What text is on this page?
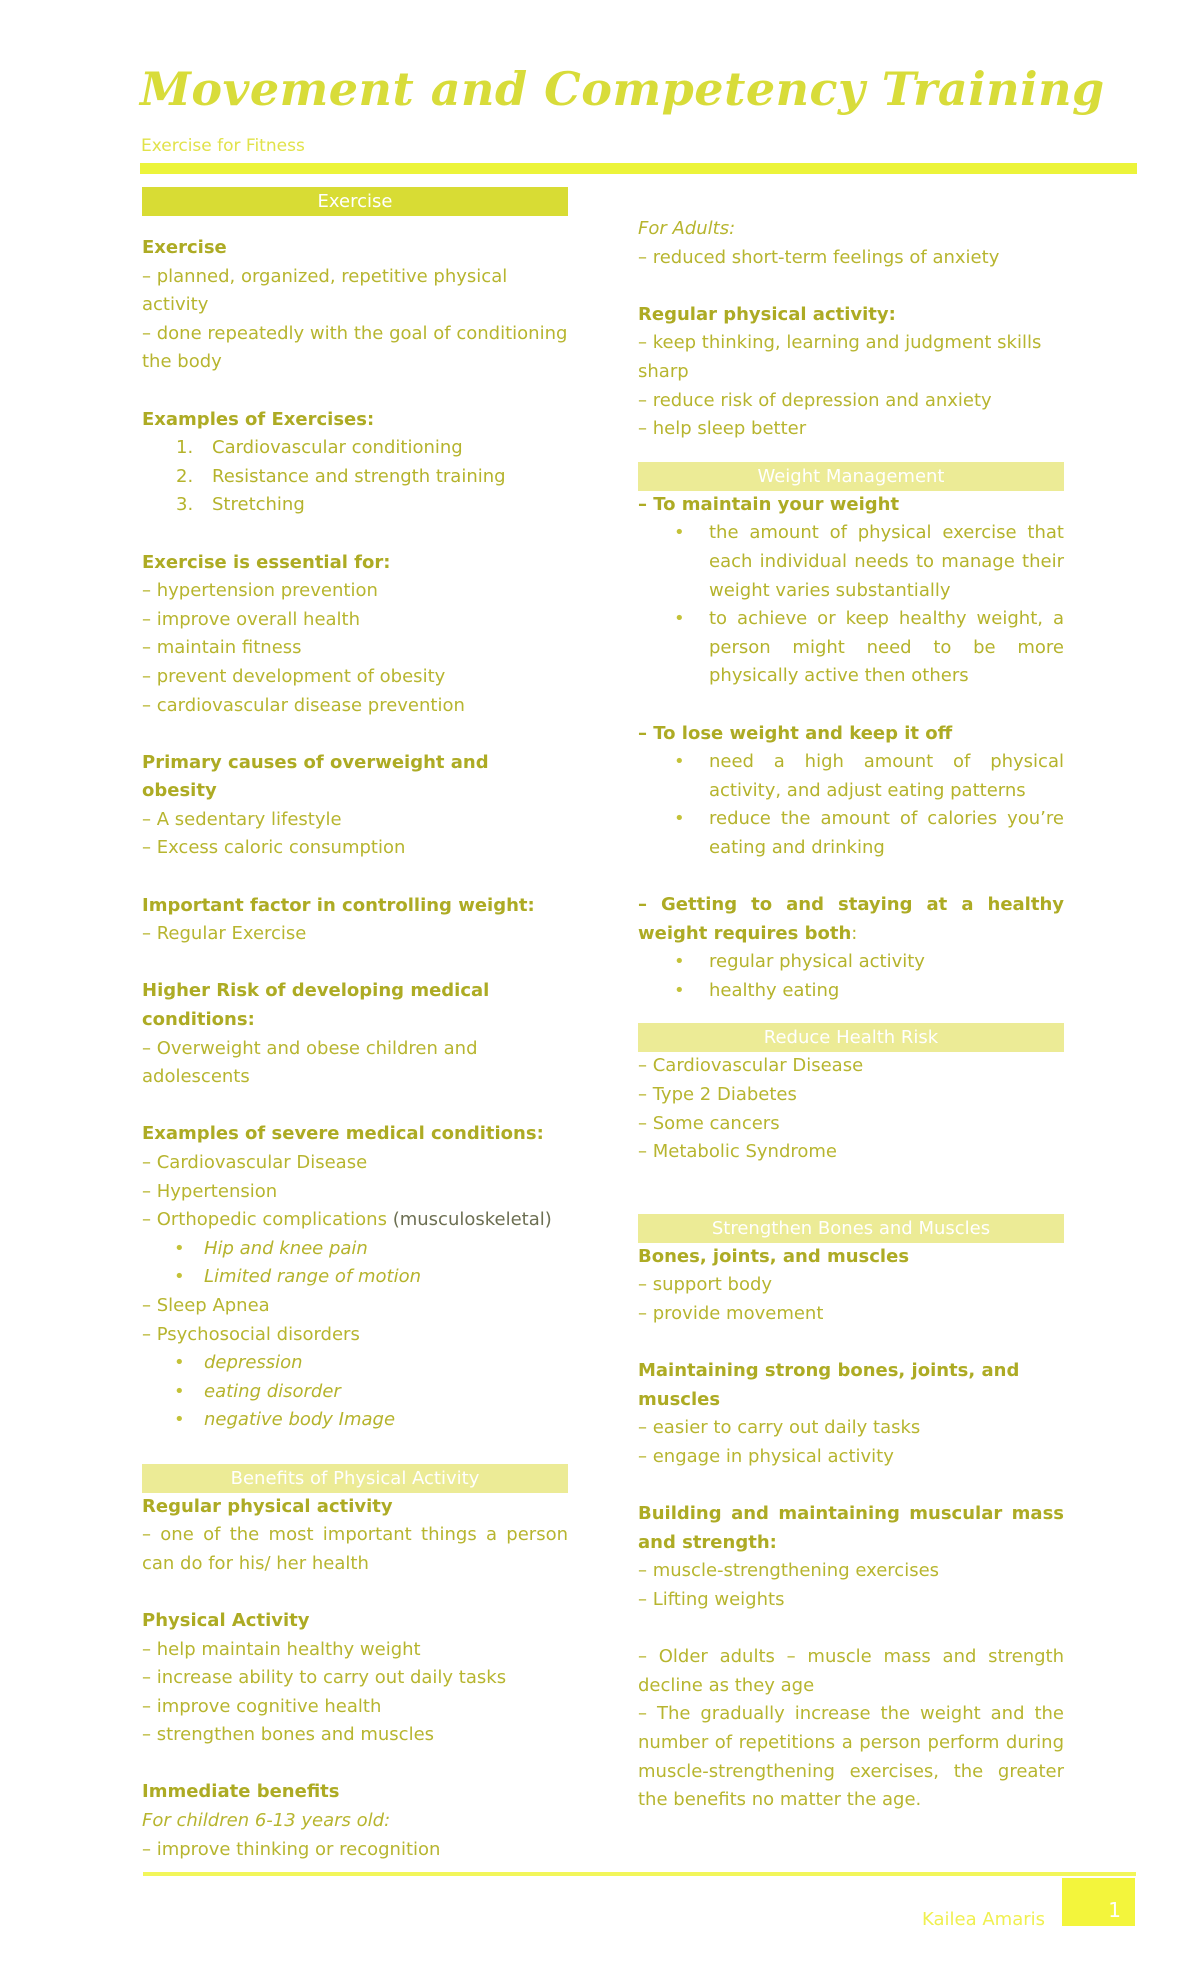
Movement and Competency Training

Exercise for Fitness

Exercise
Exercise
– planned, organized, repetitive physical activity
– done repeatedly with the goal of conditioning the body
Examples of Exercises:
1. Cardiovascular conditioning
2. Resistance and strength training
3. Stretching
Exercise is essential for:
– hypertension prevention
– improve overall health
– maintain fitness
– prevent development of obesity
– cardiovascular disease prevention
Primary causes of overweight and obesity
– A sedentary lifestyle
– Excess caloric consumption
Important factor in controlling weight:
– Regular Exercise
Higher Risk of developing medical conditions:
– Overweight and obese children and adolescents
Examples of severe medical conditions:
– Cardiovascular Disease
– Hypertension
– Orthopedic complications (musculoskeletal)
• Hip and knee pain
• Limited range of motion
– Sleep Apnea
– Psychosocial disorders
• depression
• eating disorder
• negative body Image
Benefits of Physical Activity
Regular physical activity
– one of the most important things a person can do for his/ her health
Physical Activity
– help maintain healthy weight
– increase ability to carry out daily tasks
– improve cognitive health
– strengthen bones and muscles
Immediate benefits
For children 6-13 years old:
– improve thinking or recognition
For Adults:
– reduced short-term feelings of anxiety
Regular physical activity:
– keep thinking, learning and judgment skills sharp
– reduce risk of depression and anxiety
– help sleep better
Weight Management
– To maintain your weight
• the amount of physical exercise that each individual needs to manage their weight varies substantially
• to achieve or keep healthy weight, a person might need to be more physically active then others
– To lose weight and keep it off
• need a high amount of physical activity, and adjust eating patterns
• reduce the amount of calories you’re eating and drinking
– Getting to and staying at a healthy weight requires both:
• regular physical activity
• healthy eating
Reduce Health Risk
– Cardiovascular Disease
– Type 2 Diabetes
– Some cancers
– Metabolic Syndrome
Strengthen Bones and Muscles
Bones, joints, and muscles
– support body
– provide movement
Maintaining strong bones, joints, and muscles
– easier to carry out daily tasks
– engage in physical activity
Building and maintaining muscular mass and strength:
– muscle-strengthening exercises
– Lifting weights
– Older adults – muscle mass and strength decline as they age
– The gradually increase the weight and the number of repetitions a person perform during muscle-strengthening exercises, the greater the benefits no matter the age.
Kailea Amaris	1
